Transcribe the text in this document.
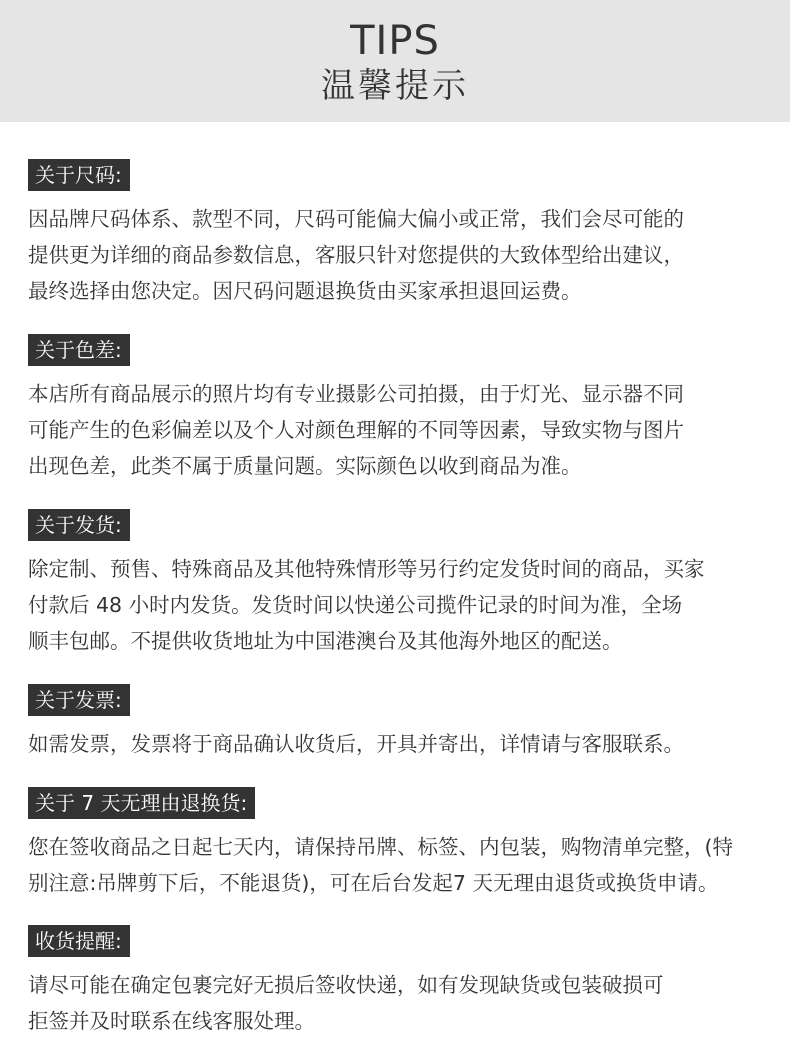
TIPS
温馨提示
关于尺码:
因品牌尺码体系、款型不同，尺码可能偏大偏小或正常，我们会尽可能的
提供更为详细的商品参数信息，客服只针对您提供的大致体型给出建议，
最终选择由您决定。因尺码问题退换货由买家承担退回运费。
关于色差:
本店所有商品展示的照片均有专业摄影公司拍摄，由于灯光、显示器不同
可能产生的色彩偏差以及个人对颜色理解的不同等因素，导致实物与图片
出现色差，此类不属于质量问题。实际颜色以收到商品为准。
关于发货:
除定制、预售、特殊商品及其他特殊情形等另行约定发货时间的商品，买家
付款后 48 小时内发货。发货时间以快递公司揽件记录的时间为准，全场
顺丰包邮。不提供收货地址为中国港澳台及其他海外地区的配送。
关于发票:
如需发票，发票将于商品确认收货后，开具并寄出，详情请与客服联系。
关于 7 天无理由退换货:
您在签收商品之日起七天内，请保持吊牌、标签、内包装，购物清单完整，(特
别注意:吊牌剪下后，不能退货)，可在后台发起7 天无理由退货或换货申请。
收货提醒:
请尽可能在确定包裹完好无损后签收快递，如有发现缺货或包装破损可
拒签并及时联系在线客服处理。
